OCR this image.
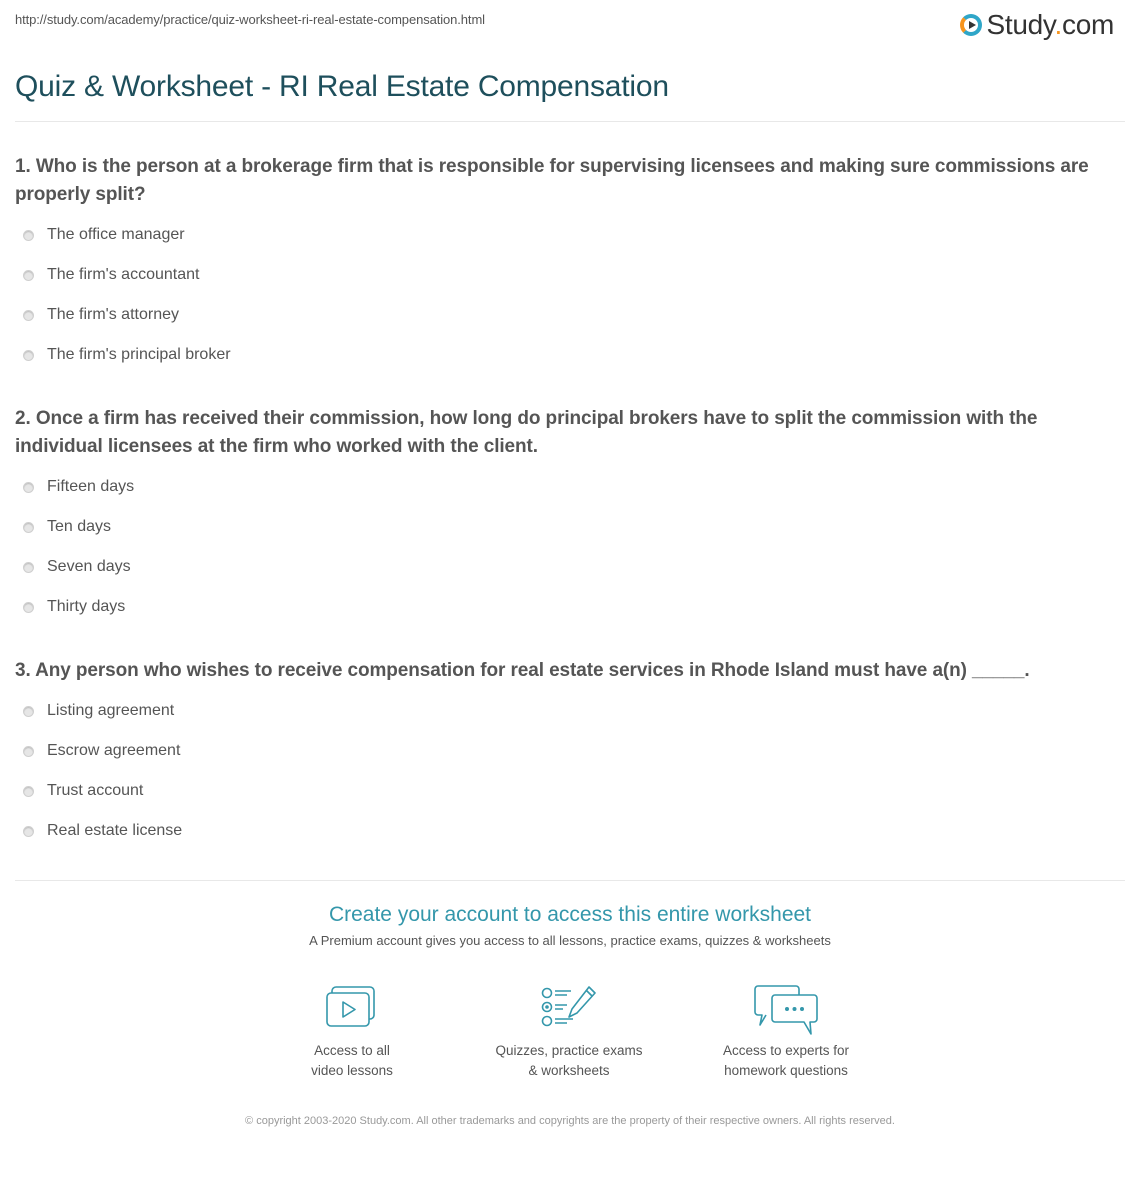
http://study.com/academy/practice/quiz-worksheet-ri-real-estate-compensation.html	Study.com
Quiz & Worksheet - RI Real Estate Compensation
1. Who is the person at a brokerage firm that is responsible for supervising licensees and making sure commissions are properly split?
The office manager
The firm's accountant
The firm's attorney
The firm's principal broker
2. Once a firm has received their commission, how long do principal brokers have to split the commission with the individual licensees at the firm who worked with the client.
Fifteen days
Ten days
Seven days
Thirty days
3. Any person who wishes to receive compensation for real estate services in Rhode Island must have a(n) _____.
Listing agreement
Escrow agreement
Trust account
Real estate license
Create your account to access this entire worksheet
A Premium account gives you access to all lessons, practice exams, quizzes & worksheets
Access to all
video lessons
Quizzes, practice exams
& worksheets
Access to experts for
homework questions
© copyright 2003-2020 Study.com. All other trademarks and copyrights are the property of their respective owners. All rights reserved.
